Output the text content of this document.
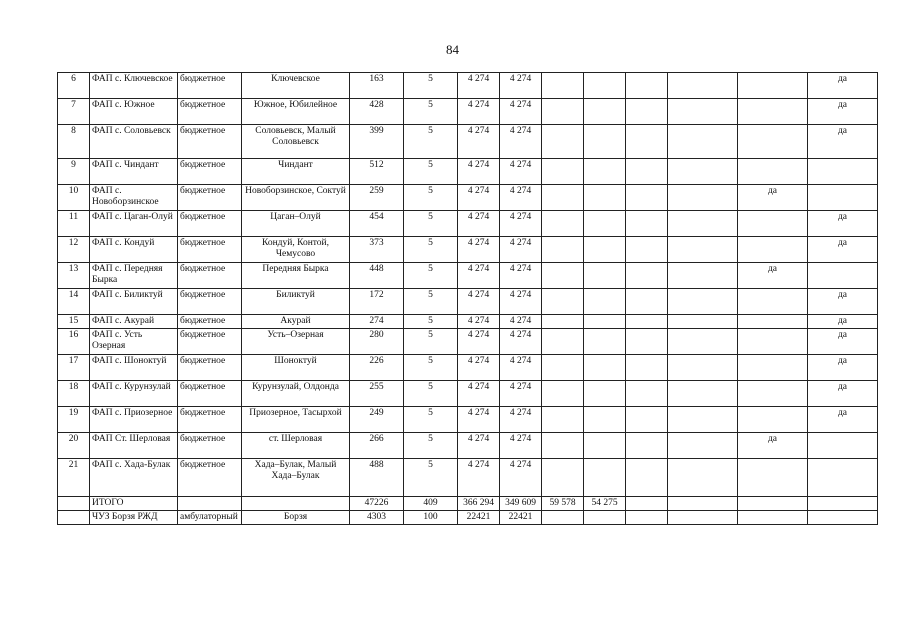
84
6	ФАП с. Ключевское	бюджетное	Ключевское	163	5	4 274	4 274						да
7	ФАП с. Южное	бюджетное	Южное, Юбилейное	428	5	4 274	4 274						да
8	ФАП с. Соловьевск	бюджетное	Соловьевск, Малый Соловьевск	399	5	4 274	4 274						да
9	ФАП с. Чиндант	бюджетное	Чиндант	512	5	4 274	4 274						
10	ФАП с. Новоборзинское	бюджетное	Новоборзинское, Соктуй	259	5	4 274	4 274					да	
11	ФАП с. Цаган-Олуй	бюджетное	Цаган–Олуй	454	5	4 274	4 274						да
12	ФАП с. Кондуй	бюджетное	Кондуй, Контой, Чемусово	373	5	4 274	4 274						да
13	ФАП с. Передняя Бырка	бюджетное	Передняя Бырка	448	5	4 274	4 274					да	
14	ФАП с. Биликтуй	бюджетное	Биликтуй	172	5	4 274	4 274						да
15	ФАП с. Акурай	бюджетное	Акурай	274	5	4 274	4 274						да
16	ФАП с. Усть Озерная	бюджетное	Усть–Озерная	280	5	4 274	4 274						да
17	ФАП с. Шоноктуй	бюджетное	Шоноктуй	226	5	4 274	4 274						да
18	ФАП с. Курунзулай	бюджетное	Курунзулай, Олдонда	255	5	4 274	4 274						да
19	ФАП с. Приозерное	бюджетное	Приозерное, Тасырхой	249	5	4 274	4 274						да
20	ФАП Ст. Шерловая	бюджетное	ст. Шерловая	266	5	4 274	4 274					да	
21	ФАП с. Хада-Булак	бюджетное	Хада–Булак, Малый Хада–Булак	488	5	4 274	4 274						
	ИТОГО			47226	409	366 294	349 609	59 578	54 275				
	ЧУЗ Борзя РЖД	амбулаторный	Борзя	4303	100	22421	22421						
